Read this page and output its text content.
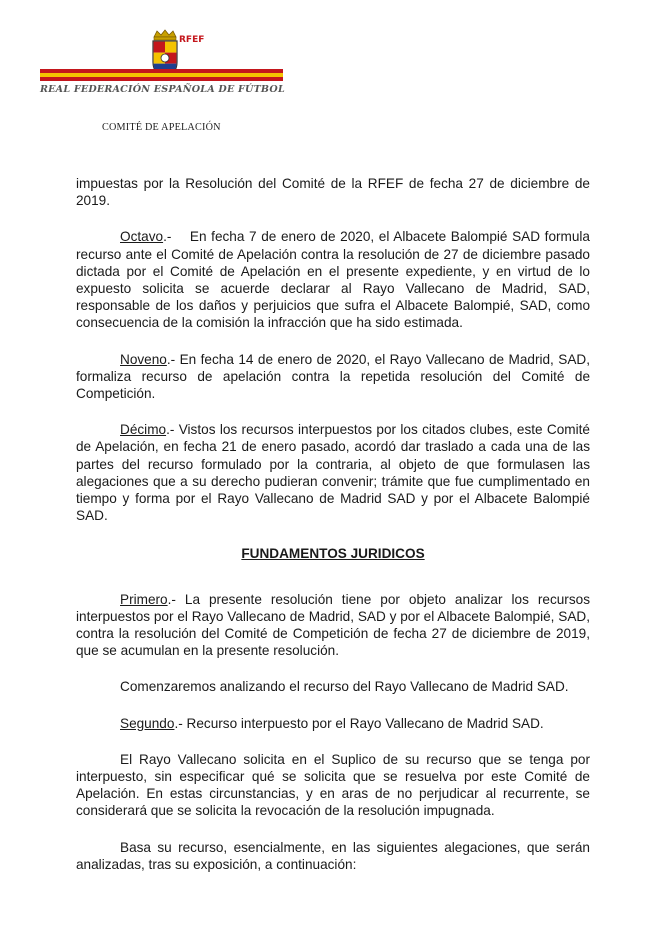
RFEF
REAL FEDERACIÓN ESPAÑOLA DE FÚTBOL
COMITÉ DE APELACIÓN

impuestas por la Resolución del Comité de la RFEF de fecha 27 de diciembre de 2019.

Octavo.-    En fecha 7 de enero de 2020, el Albacete Balompié SAD formula recurso ante el Comité de Apelación contra la resolución de 27 de diciembre pasado dictada por el Comité de Apelación en el presente expediente, y en virtud de lo expuesto solicita se acuerde declarar al Rayo Vallecano de Madrid, SAD, responsable de los daños y perjuicios que sufra el Albacete Balompié, SAD, como consecuencia de la comisión la infracción que ha sido estimada.

Noveno.- En fecha 14 de enero de 2020, el Rayo Vallecano de Madrid, SAD, formaliza recurso de apelación contra la repetida resolución del Comité de Competición.

Décimo.- Vistos los recursos interpuestos por los citados clubes, este Comité de Apelación, en fecha 21 de enero pasado, acordó dar traslado a cada una de las partes del recurso formulado por la contraria, al objeto de que formulasen las alegaciones que a su derecho pudieran convenir; trámite que fue cumplimentado en tiempo y forma por el Rayo Vallecano de Madrid SAD y por el Albacete Balompié SAD.

FUNDAMENTOS JURIDICOS

Primero.- La presente resolución tiene por objeto analizar los recursos interpuestos por el Rayo Vallecano de Madrid, SAD y por el Albacete Balompié, SAD, contra la resolución del Comité de Competición de fecha 27 de diciembre de 2019, que se acumulan en la presente resolución.

Comenzaremos analizando el recurso del Rayo Vallecano de Madrid SAD.

Segundo.- Recurso interpuesto por el Rayo Vallecano de Madrid SAD.

El Rayo Vallecano solicita en el Suplico de su recurso que se tenga por interpuesto, sin especificar qué se solicita que se resuelva por este Comité de Apelación. En estas circunstancias, y en aras de no perjudicar al recurrente, se considerará que se solicita la revocación de la resolución impugnada.

Basa su recurso, esencialmente, en las siguientes alegaciones, que serán analizadas, tras su exposición, a continuación:
